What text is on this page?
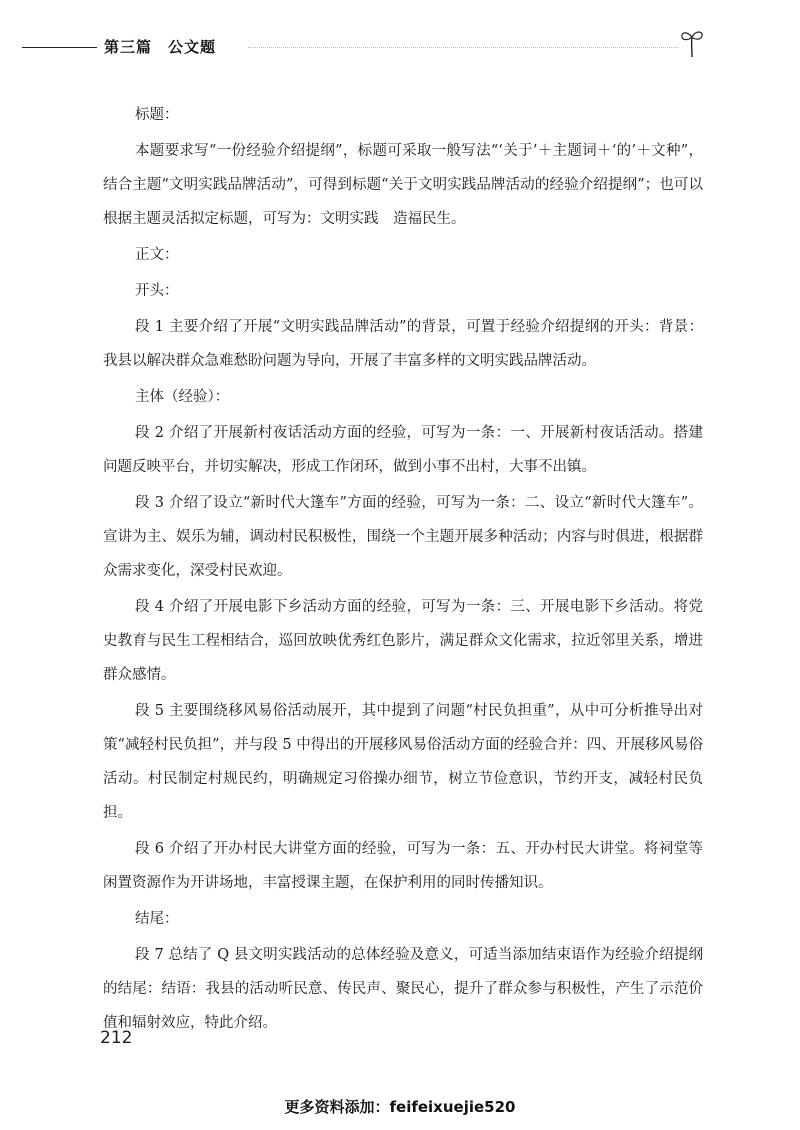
第三篇　公文题

标题：

本题要求写“一份经验介绍提纲”，标题可采取一般写法“‘关于’＋主题词＋‘的’＋文种”，结合主题“文明实践品牌活动”，可得到标题“关于文明实践品牌活动的经验介绍提纲”；也可以根据主题灵活拟定标题，可写为：文明实践　造福民生。

正文：

开头：

段 1 主要介绍了开展“文明实践品牌活动”的背景，可置于经验介绍提纲的开头：背景：我县以解决群众急难愁盼问题为导向，开展了丰富多样的文明实践品牌活动。

主体（经验）：

段 2 介绍了开展新村夜话活动方面的经验，可写为一条：一、开展新村夜话活动。搭建问题反映平台，并切实解决，形成工作闭环，做到小事不出村，大事不出镇。

段 3 介绍了设立“新时代大篷车”方面的经验，可写为一条：二、设立“新时代大篷车”。宣讲为主、娱乐为辅，调动村民积极性，围绕一个主题开展多种活动；内容与时俱进，根据群众需求变化，深受村民欢迎。

段 4 介绍了开展电影下乡活动方面的经验，可写为一条：三、开展电影下乡活动。将党史教育与民生工程相结合，巡回放映优秀红色影片，满足群众文化需求，拉近邻里关系，增进群众感情。

段 5 主要围绕移风易俗活动展开，其中提到了问题“村民负担重”，从中可分析推导出对策“减轻村民负担”，并与段 5 中得出的开展移风易俗活动方面的经验合并：四、开展移风易俗活动。村民制定村规民约，明确规定习俗操办细节，树立节俭意识，节约开支，减轻村民负担。

段 6 介绍了开办村民大讲堂方面的经验，可写为一条：五、开办村民大讲堂。将祠堂等闲置资源作为开讲场地，丰富授课主题，在保护利用的同时传播知识。

结尾：

段 7 总结了 Q 县文明实践活动的总体经验及意义，可适当添加结束语作为经验介绍提纲的结尾：结语：我县的活动听民意、传民声、聚民心，提升了群众参与积极性，产生了示范价值和辐射效应，特此介绍。

212
更多资料添加：feifeixuejie520
